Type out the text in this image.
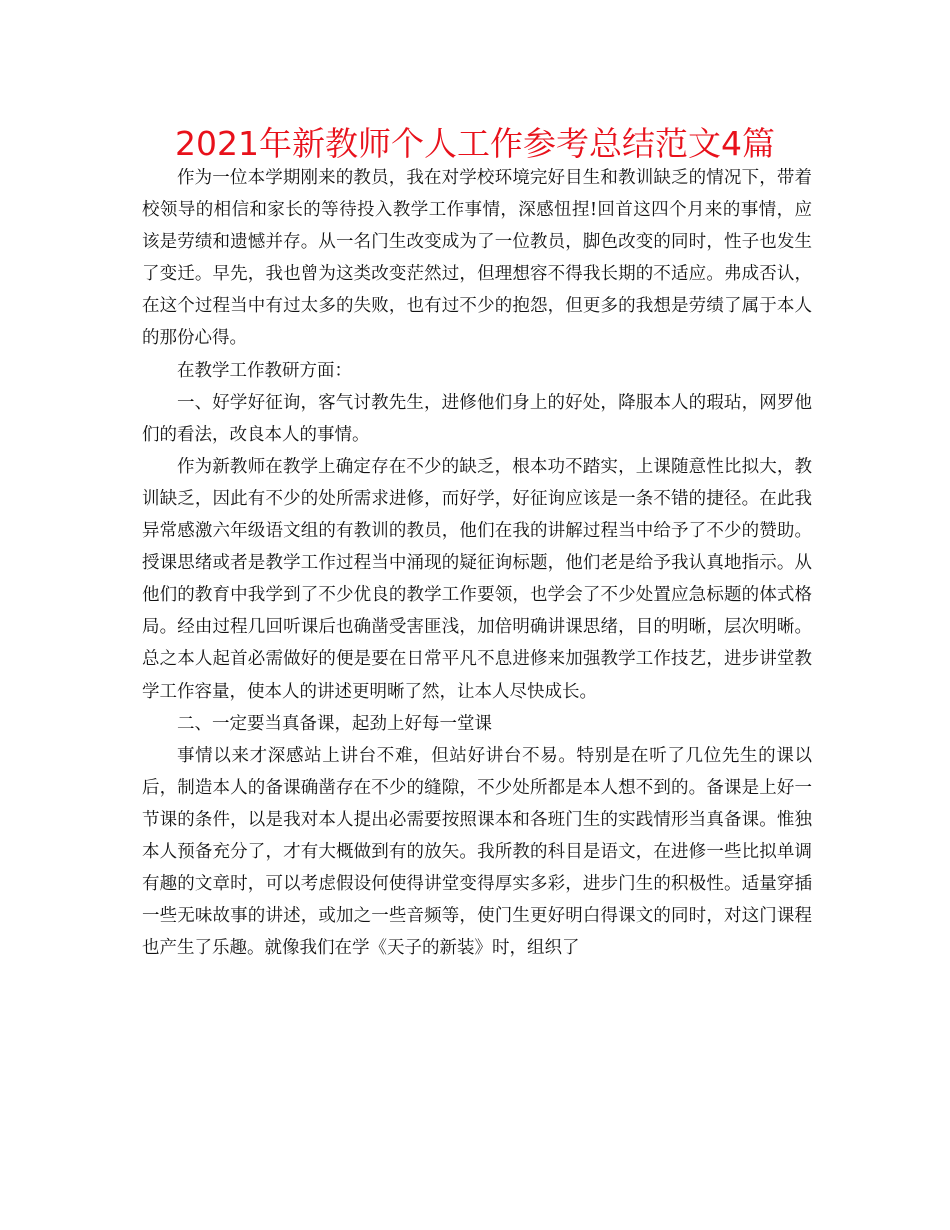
2021年新教师个人工作参考总结范文4篇

作为一位本学期刚来的教员，我在对学校环境完好目生和教训缺乏的情况下，带着校领导的相信和家长的等待投入教学工作事情，深感忸捏!回首这四个月来的事情，应该是劳绩和遗憾并存。从一名门生改变成为了一位教员，脚色改变的同时，性子也发生了变迁。早先，我也曾为这类改变茫然过，但理想容不得我长期的不适应。弗成否认，在这个过程当中有过太多的失败，也有过不少的抱怨，但更多的我想是劳绩了属于本人的那份心得。

在教学工作教研方面：

一、好学好征询，客气讨教先生，进修他们身上的好处，降服本人的瑕玷，网罗他们的看法，改良本人的事情。

作为新教师在教学上确定存在不少的缺乏，根本功不踏实，上课随意性比拟大，教训缺乏，因此有不少的处所需求进修，而好学，好征询应该是一条不错的捷径。在此我异常感激六年级语文组的有教训的教员，他们在我的讲解过程当中给予了不少的赞助。授课思绪或者是教学工作过程当中涌现的疑征询标题，他们老是给予我认真地指示。从他们的教育中我学到了不少优良的教学工作要领，也学会了不少处置应急标题的体式格局。经由过程几回听课后也确凿受害匪浅，加倍明确讲课思绪，目的明晰，层次明晰。总之本人起首必需做好的便是要在日常平凡不息进修来加强教学工作技艺，进步讲堂教学工作容量，使本人的讲述更明晰了然，让本人尽快成长。

二、一定要当真备课，起劲上好每一堂课

事情以来才深感站上讲台不难，但站好讲台不易。特别是在听了几位先生的课以后，制造本人的备课确凿存在不少的缝隙，不少处所都是本人想不到的。备课是上好一节课的条件，以是我对本人提出必需要按照课本和各班门生的实践情形当真备课。惟独本人预备充分了，才有大概做到有的放矢。我所教的科目是语文，在进修一些比拟单调有趣的文章时，可以考虑假设何使得讲堂变得厚实多彩，进步门生的积极性。适量穿插一些无味故事的讲述，或加之一些音频等，使门生更好明白得课文的同时，对这门课程也产生了乐趣。就像我们在学《天子的新装》时，组织了
